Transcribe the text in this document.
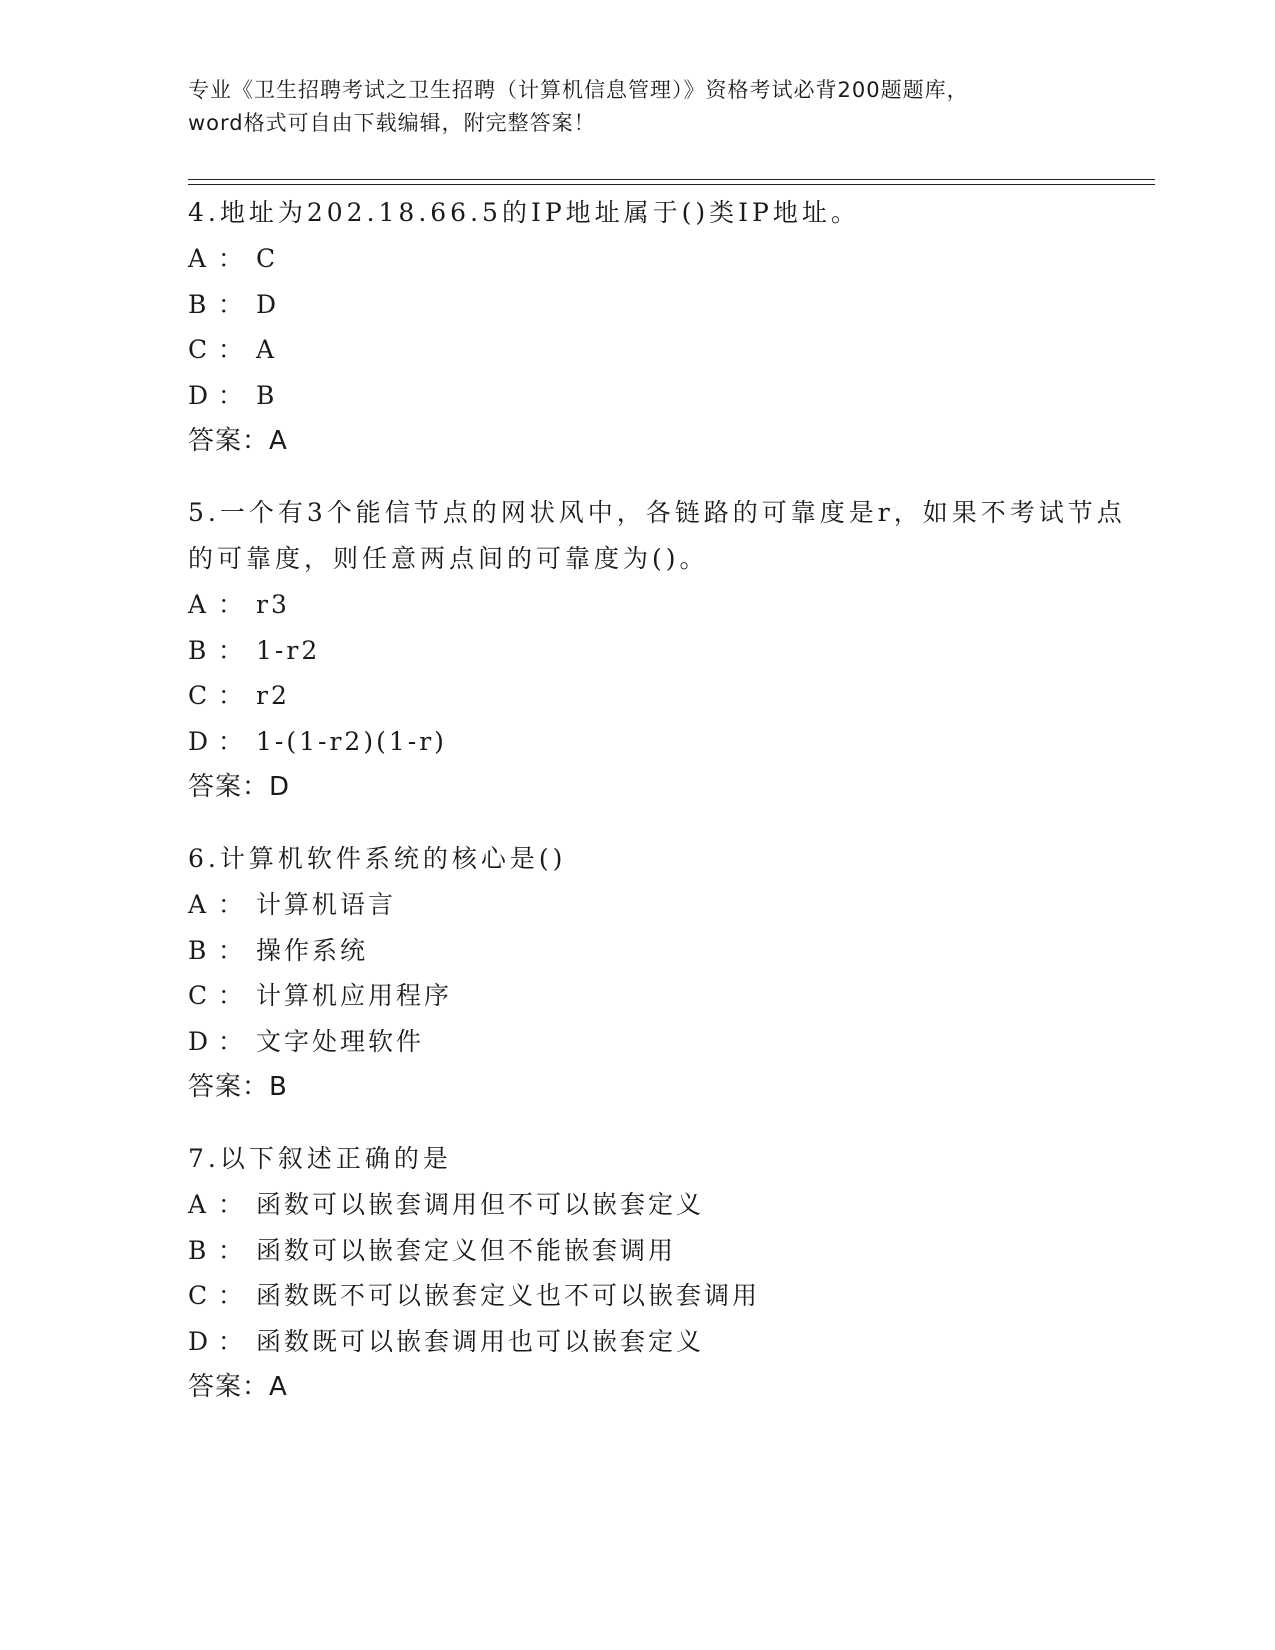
专业《卫生招聘考试之卫生招聘（计算机信息管理）》资格考试必背200题题库，
word格式可自由下载编辑，附完整答案！

4.地址为202.18.66.5的IP地址属于()类IP地址。

A ： C

B ： D

C ： A

D ： B

答案：A

5.一个有3个能信节点的网状风中，各链路的可靠度是r，如果不考试节点的可靠度，则任意两点间的可靠度为()。

A ： r3

B ： 1-r2

C ： r2

D ： 1-(1-r2)(1-r)

答案：D

6.计算机软件系统的核心是()

A ： 计算机语言

B ： 操作系统

C ： 计算机应用程序

D ： 文字处理软件

答案：B

7.以下叙述正确的是

A ： 函数可以嵌套调用但不可以嵌套定义

B ： 函数可以嵌套定义但不能嵌套调用

C ： 函数既不可以嵌套定义也不可以嵌套调用

D ： 函数既可以嵌套调用也可以嵌套定义

答案：A
